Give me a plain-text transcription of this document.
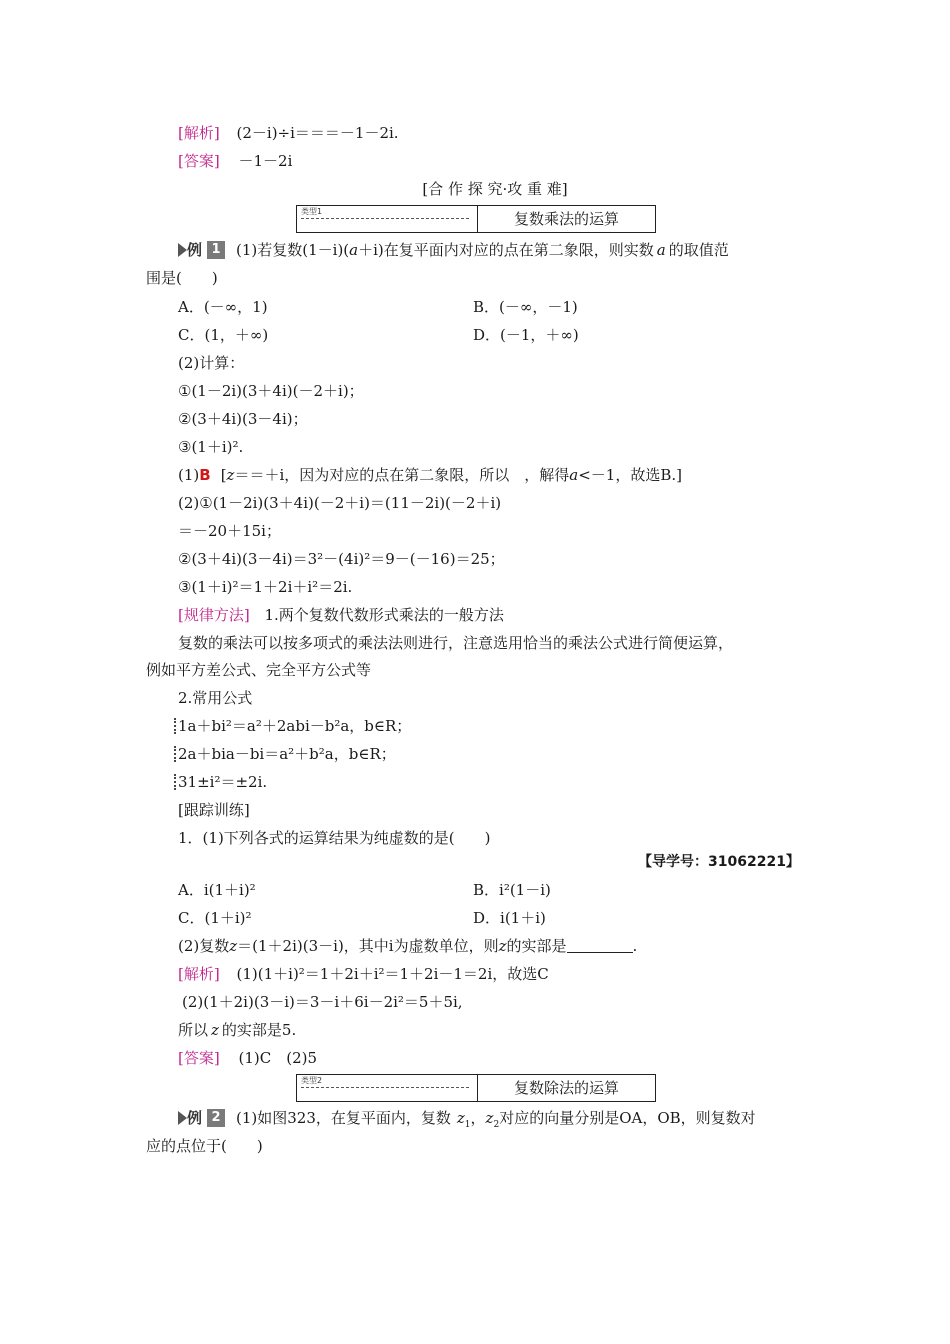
[解析] (2－i)÷i＝＝＝－1－2i.
[答案] －1－2i
[合 作 探 究·攻 重 难]
类型1	复数乘法的运算
例 1 (1)若复数(1－i)(a＋i)在复平面内对应的点在第二象限，则实数 a 的取值范
围是(　　)
A．(－∞，1)	B．(－∞，－1)
C．(1，＋∞)	D．(－1，＋∞)
(2)计算：
①(1－2i)(3＋4i)(－2＋i)；
②(3＋4i)(3－4i)；
③(1＋i)².
(1)B [z＝＝＋i，因为对应的点在第二象限，所以　，解得a<－1，故选B.]
(2)①(1－2i)(3＋4i)(－2＋i)＝(11－2i)(－2＋i)
＝－20＋15i；
②(3＋4i)(3－4i)＝3²－(4i)²＝9－(－16)＝25；
③(1＋i)²＝1＋2i＋i²＝2i.
[规律方法] 1.两个复数代数形式乘法的一般方法
复数的乘法可以按多项式的乘法法则进行，注意选用恰当的乘法公式进行简便运算，
例如平方差公式、完全平方公式等
2.常用公式
1a＋bi²＝a²＋2abi－b²a，b∈R；
2a＋bia－bi＝a²＋b²a，b∈R；
31±i²＝±2i.
[跟踪训练]
1．(1)下列各式的运算结果为纯虚数的是(　　)
【导学号：31062221】
A．i(1＋i)²	B．i²(1－i)
C．(1＋i)²	D．i(1＋i)
(2)复数z＝(1＋2i)(3－i)，其中i为虚数单位，则z的实部是	.
[解析] (1)(1＋i)²＝1＋2i＋i²＝1＋2i－1＝2i，故选C
(2)(1＋2i)(3－i)＝3－i＋6i－2i²＝5＋5i,
所以 z 的实部是5.
[答案] (1)C　(2)5
类型2	复数除法的运算
例 2 (1)如图323，在复平面内，复数 $z_1$，$z_2$对应的向量分别是OA，OB，则复数对
应的点位于(　　)
